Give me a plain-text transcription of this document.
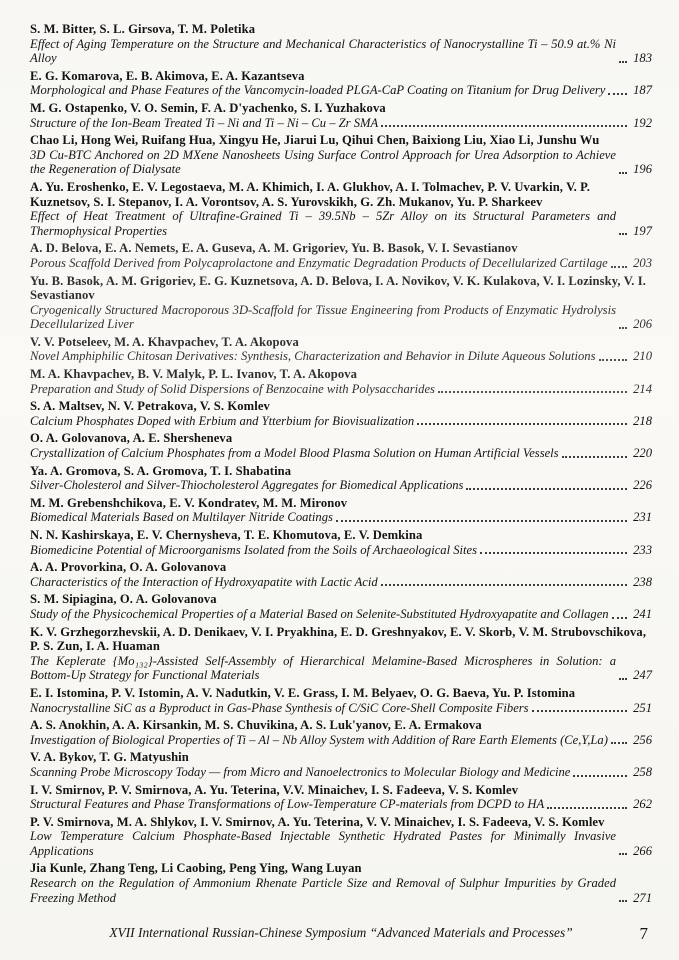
S. M. Bitter, S. L. Girsova, T. M. Poletika
Effect of Aging Temperature on the Structure and Mechanical Characteristics of Nanocrystalline Ti – 50.9 at.% Ni Alloy	183
E. G. Komarova, E. B. Akimova, E. A. Kazantseva
Morphological and Phase Features of the Vancomycin-loaded PLGA-CaP Coating on Titanium for Drug Delivery 187
M. G. Ostapenko, V. O. Semin, F. A. D'yachenko, S. I. Yuzhakova
Structure of the Ion-Beam Treated Ti – Ni and Ti – Ni – Cu – Zr SMA	192
Chao Li, Hong Wei, Ruifang Hua, Xingyu He, Jiarui Lu, Qihui Chen, Baixiong Liu, Xiao Li, Junshu Wu
3D Cu-BTC Anchored on 2D MXene Nanosheets Using Surface Control Approach for Urea Adsorption to Achieve the Regeneration of Dialysate	196
A. Yu. Eroshenko, E. V. Legostaeva, M. A. Khimich, I. A. Glukhov, A. I. Tolmachev, P. V. Uvarkin, V. P. Kuznetsov, S. I. Stepanov, I. A. Vorontsov, A. S. Yurovskikh, G. Zh. Mukanov, Yu. P. Sharkeev
Effect of Heat Treatment of Ultrafine-Grained Ti – 39.5Nb – 5Zr Alloy on its Structural Parameters and Thermophysical Properties	197
A. D. Belova, E. A. Nemets, E. A. Guseva, A. M. Grigoriev, Yu. B. Basok, V. I. Sevastianov
Porous Scaffold Derived from Polycaprolactone and Enzymatic Degradation Products of Decellularized Cartilage 203
Yu. B. Basok, A. M. Grigoriev, E. G. Kuznetsova, A. D. Belova, I. A. Novikov, V. K. Kulakova, V. I. Lozinsky, V. I. Sevastianov
Cryogenically Structured Macroporous 3D-Scaffold for Tissue Engineering from Products of Enzymatic Hydrolysis Decellularized Liver	206
V. V. Potseleev, M. A. Khavpachev, T. A. Akopova
Novel Amphiphilic Chitosan Derivatives: Synthesis, Characterization and Behavior in Dilute Aqueous Solutions	210
M. A. Khavpachev, B. V. Malyk, P. L. Ivanov, T. A. Akopova
Preparation and Study of Solid Dispersions of Benzocaine with Polysaccharides	214
S. A. Maltsev, N. V. Petrakova, V. S. Komlev
Calcium Phosphates Doped with Erbium and Ytterbium for Biovisualization	218
O. A. Golovanova, A. E. Shersheneva
Crystallization of Calcium Phosphates from a Model Blood Plasma Solution on Human Artificial Vessels	220
Ya. A. Gromova, S. A. Gromova, T. I. Shabatina
Silver-Cholesterol and Silver-Thiocholesterol Aggregates for Biomedical Applications	226
M. M. Grebenshchikova, E. V. Kondratev, M. M. Mironov
Biomedical Materials Based on Multilayer Nitride Coatings	231
N. N. Kashirskaya, E. V. Chernysheva, T. E. Khomutova, E. V. Demkina
Biomedicine Potential of Microorganisms Isolated from the Soils of Archaeological Sites	233
A. A. Provorkina, O. A. Golovanova
Characteristics of the Interaction of Hydroxyapatite with Lactic Acid	238
S. M. Sipiagina, O. A. Golovanova
Study of the Physicochemical Properties of a Material Based on Selenite-Substituted Hydroxyapatite and Collagen 241
K. V. Grzhegorzhevskii, A. D. Denikaev, V. I. Pryakhina, E. D. Greshnyakov, E. V. Skorb, V. M. Strubovschikova, P. S. Zun, I. A. Huaman
The Keplerate {Mo₁₃₂}-Assisted Self-Assembly of Hierarchical Melamine-Based Microspheres in Solution: a Bottom-Up Strategy for Functional Materials	247
E. I. Istomina, P. V. Istomin, A. V. Nadutkin, V. E. Grass, I. M. Belyaev, O. G. Baeva, Yu. P. Istomina
Nanocrystalline SiC as a Byproduct in Gas-Phase Synthesis of C/SiC Core-Shell Composite Fibers	251
A. S. Anokhin, A. A. Kirsankin, M. S. Chuvikina, A. S. Luk'yanov, E. A. Ermakova
Investigation of Biological Properties of Ti – Al – Nb Alloy System with Addition of Rare Earth Elements (Ce,Y,La) 256
V. A. Bykov, T. G. Matyushin
Scanning Probe Microscopy Today — from Micro and Nanoelectronics to Molecular Biology and Medicine	258
I. V. Smirnov, P. V. Smirnova, A. Yu. Teterina, V.V. Minaichev, I. S. Fadeeva, V. S. Komlev
Structural Features and Phase Transformations of Low-Temperature CP-materials from DCPD to HA	262
P. V. Smirnova, M. A. Shlykov, I. V. Smirnov, A. Yu. Teterina, V. V. Minaichev, I. S. Fadeeva, V. S. Komlev
Low Temperature Calcium Phosphate-Based Injectable Synthetic Hydrated Pastes for Minimally Invasive Applications	266
Jia Kunle, Zhang Teng, Li Caobing, Peng Ying, Wang Luyan
Research on the Regulation of Ammonium Rhenate Particle Size and Removal of Sulphur Impurities by Graded Freezing Method	271
XVII International Russian-Chinese Symposium “Advanced Materials and Processes”	7
